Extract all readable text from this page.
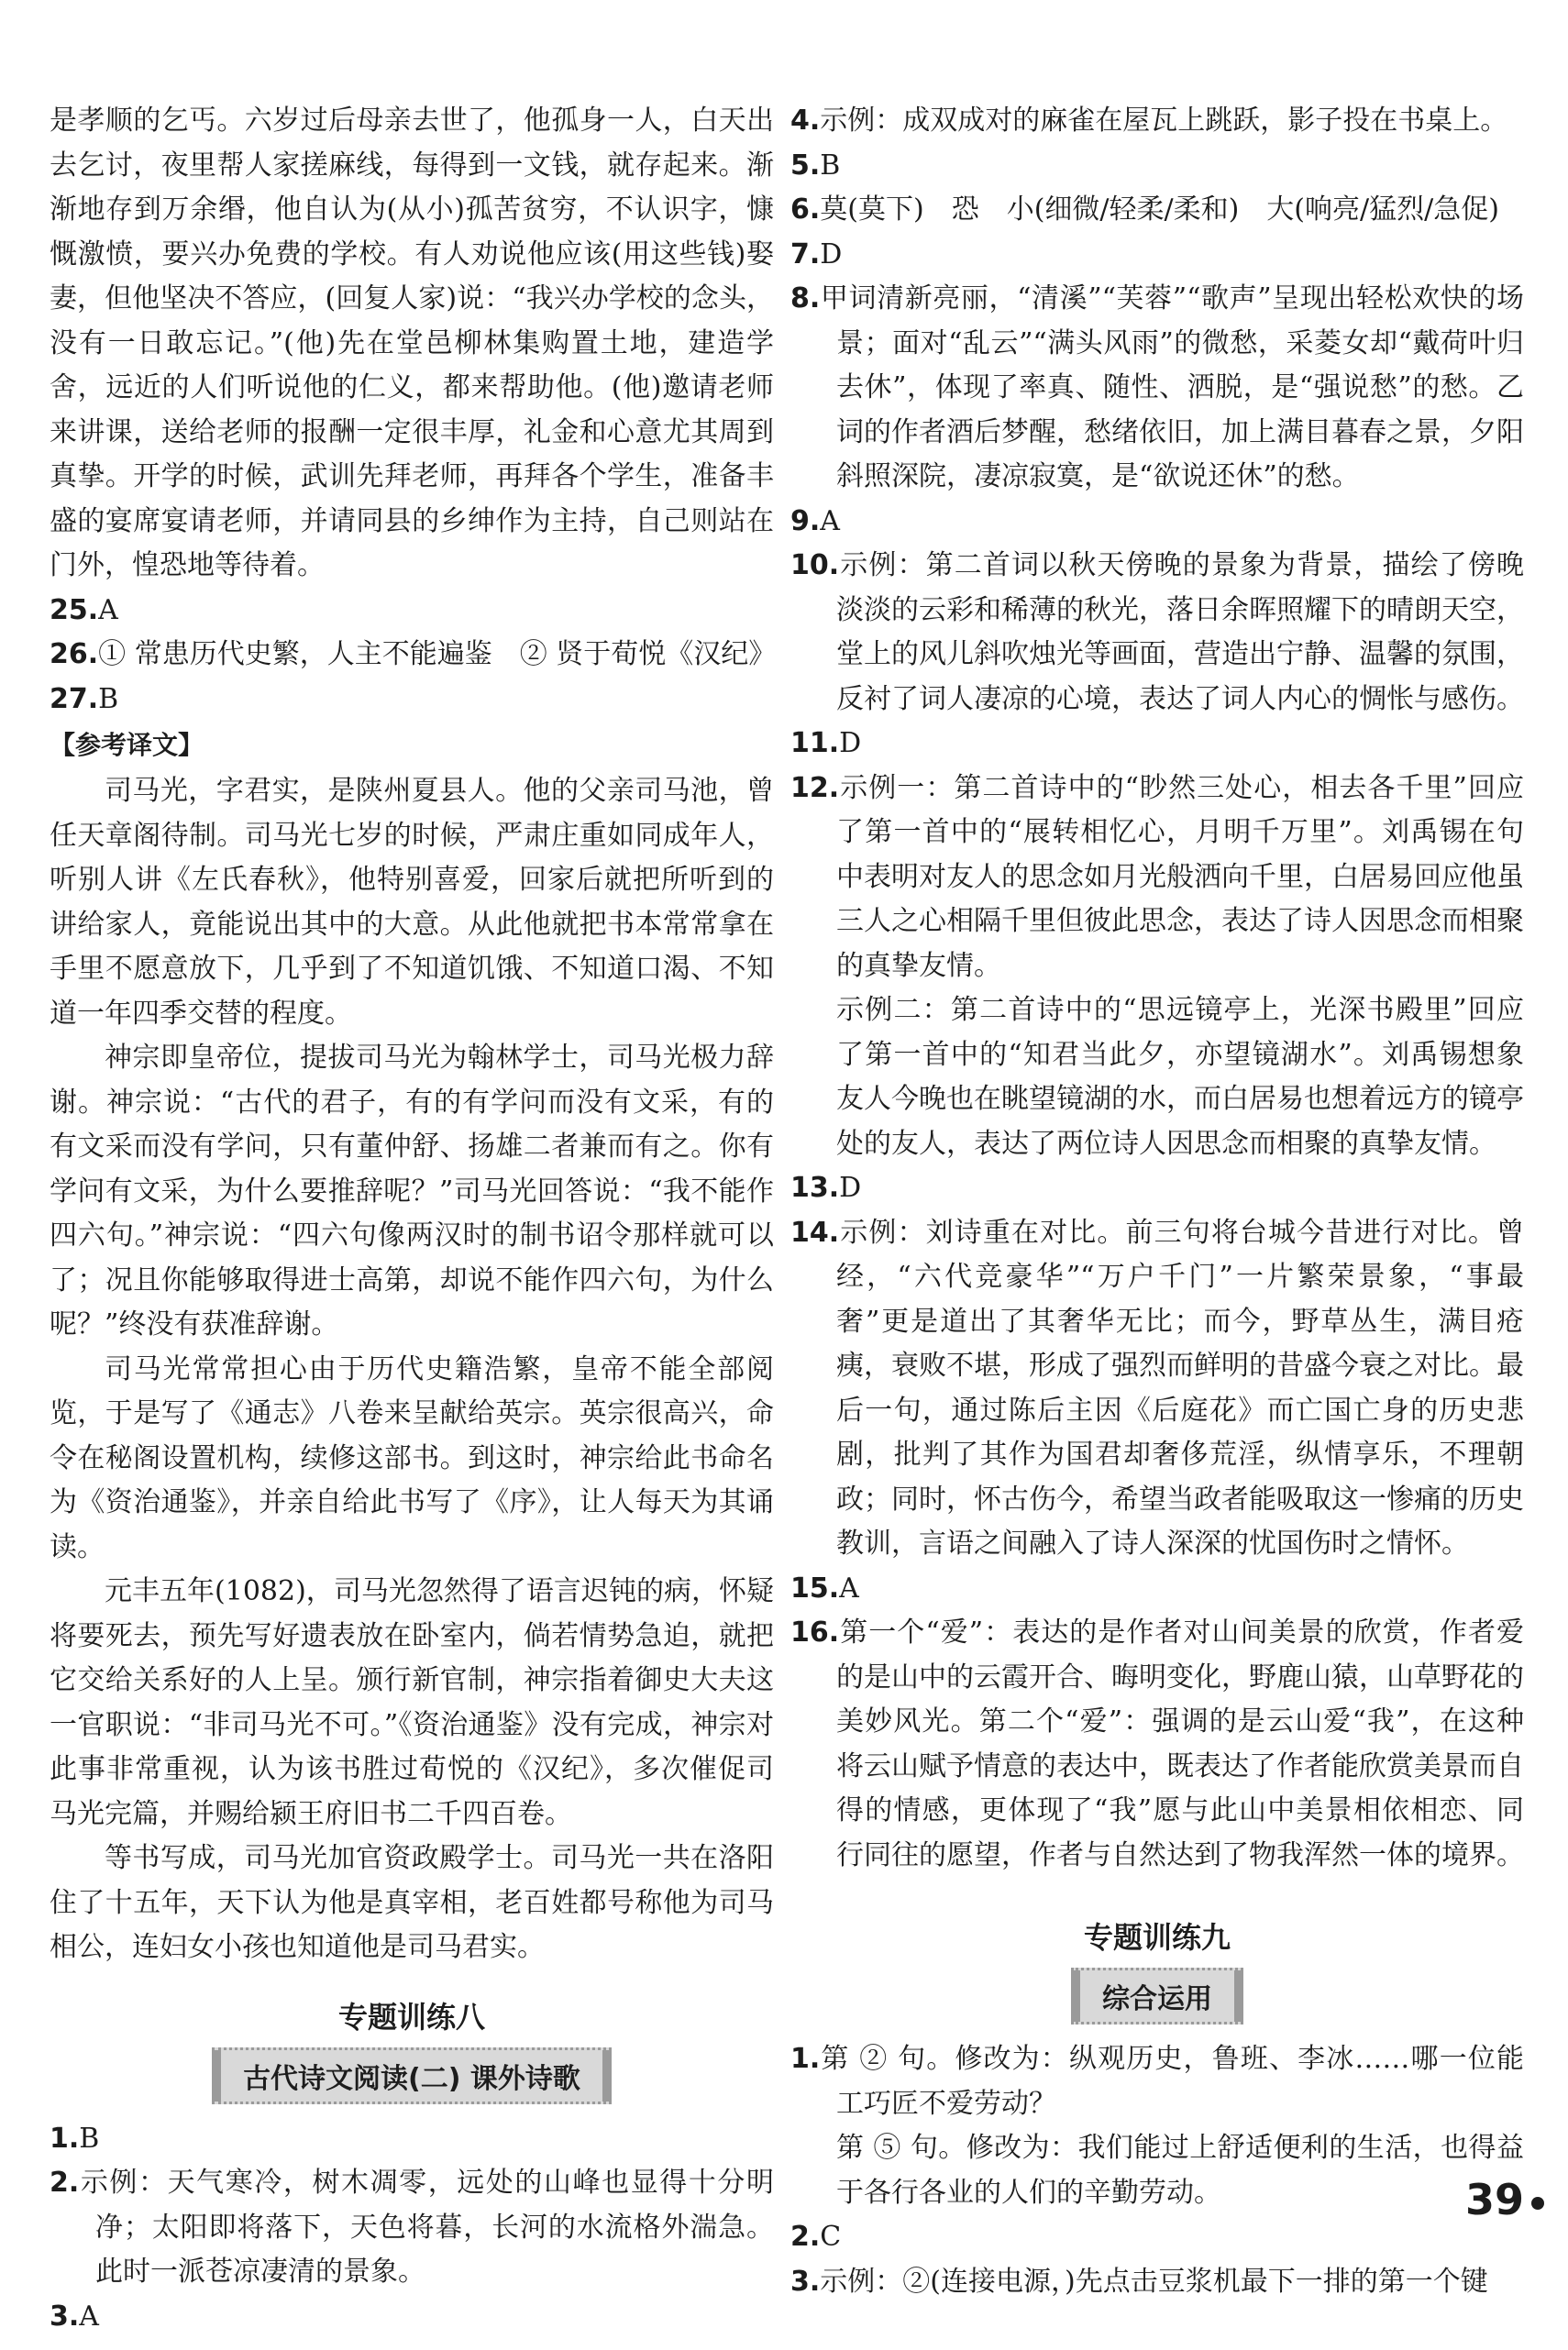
是孝顺的乞丐。六岁过后母亲去世了，他孤身一人，白天出去乞讨，夜里帮人家搓麻线，每得到一文钱，就存起来。渐渐地存到万余缗，他自认为(从小)孤苦贫穷，不认识字，慷慨激愤，要兴办免费的学校。有人劝说他应该(用这些钱)娶妻，但他坚决不答应，(回复人家)说：“我兴办学校的念头，没有一日敢忘记。”(他)先在堂邑柳林集购置土地，建造学舍，远近的人们听说他的仁义，都来帮助他。(他)邀请老师来讲课，送给老师的报酬一定很丰厚，礼金和心意尤其周到真挚。开学的时候，武训先拜老师，再拜各个学生，准备丰盛的宴席宴请老师，并请同县的乡绅作为主持，自己则站在门外，惶恐地等待着。

25.A

26.① 常患历代史繁，人主不能遍鉴　② 贤于荀悦《汉纪》

27.B

【参考译文】

司马光，字君实，是陕州夏县人。他的父亲司马池，曾任天章阁待制。司马光七岁的时候，严肃庄重如同成年人，听别人讲《左氏春秋》，他特别喜爱，回家后就把所听到的讲给家人，竟能说出其中的大意。从此他就把书本常常拿在手里不愿意放下，几乎到了不知道饥饿、不知道口渴、不知道一年四季交替的程度。

神宗即皇帝位，提拔司马光为翰林学士，司马光极力辞谢。神宗说：“古代的君子，有的有学问而没有文采，有的有文采而没有学问，只有董仲舒、扬雄二者兼而有之。你有学问有文采，为什么要推辞呢？”司马光回答说：“我不能作四六句。”神宗说：“四六句像两汉时的制书诏令那样就可以了；况且你能够取得进士高第，却说不能作四六句，为什么呢？”终没有获准辞谢。

司马光常常担心由于历代史籍浩繁，皇帝不能全部阅览，于是写了《通志》八卷来呈献给英宗。英宗很高兴，命令在秘阁设置机构，续修这部书。到这时，神宗给此书命名为《资治通鉴》，并亲自给此书写了《序》，让人每天为其诵读。

元丰五年(1082)，司马光忽然得了语言迟钝的病，怀疑将要死去，预先写好遗表放在卧室内，倘若情势急迫，就把它交给关系好的人上呈。颁行新官制，神宗指着御史大夫这一官职说：“非司马光不可。”《资治通鉴》没有完成，神宗对此事非常重视，认为该书胜过荀悦的《汉纪》，多次催促司马光完篇，并赐给颍王府旧书二千四百卷。

等书写成，司马光加官资政殿学士。司马光一共在洛阳住了十五年，天下认为他是真宰相，老百姓都号称他为司马相公，连妇女小孩也知道他是司马君实。

专题训练八
古代诗文阅读(二) 课外诗歌

1.B

2.示例：天气寒冷，树木凋零，远处的山峰也显得十分明净；太阳即将落下，天色将暮，长河的水流格外湍急。此时一派苍凉凄清的景象。

3.A

4.示例：成双成对的麻雀在屋瓦上跳跃，影子投在书桌上。

5.B

6.莫(莫下)　恐　小(细微/轻柔/柔和)　大(响亮/猛烈/急促)

7.D

8.甲词清新亮丽，“清溪”“芙蓉”“歌声”呈现出轻松欢快的场景；面对“乱云”“满头风雨”的微愁，采菱女却“戴荷叶归去休”，体现了率真、随性、洒脱，是“强说愁”的愁。乙词的作者酒后梦醒，愁绪依旧，加上满目暮春之景，夕阳斜照深院，凄凉寂寞，是“欲说还休”的愁。

9.A

10.示例：第二首词以秋天傍晚的景象为背景，描绘了傍晚淡淡的云彩和稀薄的秋光，落日余晖照耀下的晴朗天空，堂上的风儿斜吹烛光等画面，营造出宁静、温馨的氛围，反衬了词人凄凉的心境，表达了词人内心的惆怅与感伤。

11.D

12.示例一：第二首诗中的“眇然三处心，相去各千里”回应了第一首中的“展转相忆心，月明千万里”。刘禹锡在句中表明对友人的思念如月光般洒向千里，白居易回应他虽三人之心相隔千里但彼此思念，表达了诗人因思念而相聚的真挚友情。

示例二：第二首诗中的“思远镜亭上，光深书殿里”回应了第一首中的“知君当此夕，亦望镜湖水”。刘禹锡想象友人今晚也在眺望镜湖的水，而白居易也想着远方的镜亭处的友人，表达了两位诗人因思念而相聚的真挚友情。

13.D

14.示例：刘诗重在对比。前三句将台城今昔进行对比。曾经，“六代竞豪华”“万户千门”一片繁荣景象，“事最奢”更是道出了其奢华无比；而今，野草丛生，满目疮痍，衰败不堪，形成了强烈而鲜明的昔盛今衰之对比。最后一句，通过陈后主因《后庭花》而亡国亡身的历史悲剧，批判了其作为国君却奢侈荒淫，纵情享乐，不理朝政；同时，怀古伤今，希望当政者能吸取这一惨痛的历史教训，言语之间融入了诗人深深的忧国伤时之情怀。

15.A

16.第一个“爱”：表达的是作者对山间美景的欣赏，作者爱的是山中的云霞开合、晦明变化，野鹿山猿，山草野花的美妙风光。第二个“爱”：强调的是云山爱“我”，在这种将云山赋予情意的表达中，既表达了作者能欣赏美景而自得的情感，更体现了“我”愿与此山中美景相依相恋、同行同往的愿望，作者与自然达到了物我浑然一体的境界。

专题训练九
综合运用

1.第 ② 句。修改为：纵观历史，鲁班、李冰……哪一位能工巧匠不爱劳动？

第 ⑤ 句。修改为：我们能过上舒适便利的生活，也得益于各行各业的人们的辛勤劳动。

2.C

3.示例：②(连接电源，)先点击豆浆机最下一排的第一个键

39
